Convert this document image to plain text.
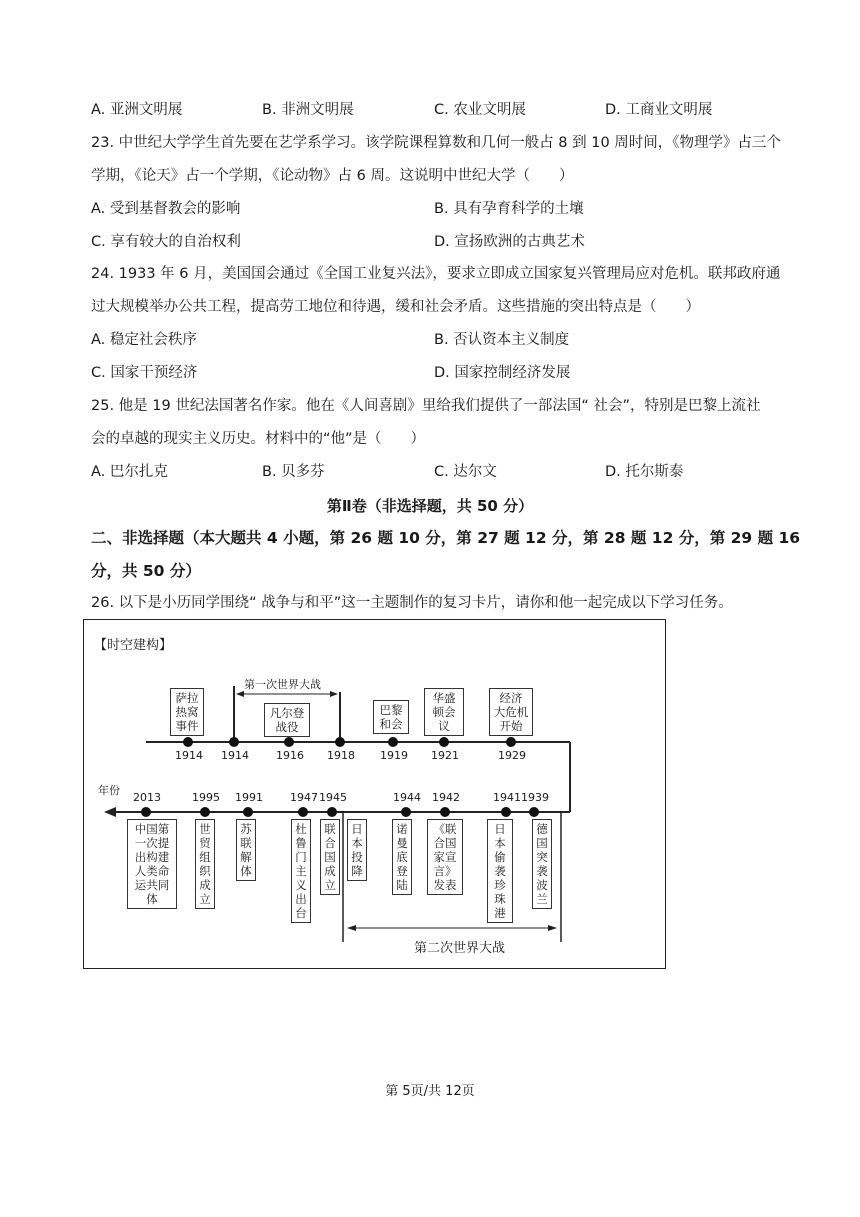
A. 亚洲文明展	B. 非洲文明展	C. 农业文明展	D. 工商业文明展
23. 中世纪大学学生首先要在艺学系学习。该学院课程算数和几何一般占 8 到 10 周时间，《物理学》占三个
学期，《论天》占一个学期，《论动物》占 6 周。这说明中世纪大学（　　）
A. 受到基督教会的影响	B. 具有孕育科学的土壤
C. 享有较大的自治权利	D. 宣扬欧洲的古典艺术
24. 1933 年 6 月，美国国会通过《全国工业复兴法》，要求立即成立国家复兴管理局应对危机。联邦政府通
过大规模举办公共工程，提高劳工地位和待遇，缓和社会矛盾。这些措施的突出特点是（　　）
A. 稳定社会秩序	B. 否认资本主义制度
C. 国家干预经济	D. 国家控制经济发展
25. 他是 19 世纪法国著名作家。他在《人间喜剧》里给我们提供了一部法国“ 社会”，特别是巴黎上流社
会的卓越的现实主义历史。材料中的“他”是（　　）
A. 巴尔扎克	B. 贝多芬	C. 达尔文	D. 托尔斯泰
第Ⅱ卷（非选择题，共 50 分）
二、非选择题（本大题共 4 小题，第 26 题 10 分，第 27 题 12 分，第 28 题 12 分，第 29 题 16
分，共 50 分）
26. 以下是小历同学围绕“ 战争与和平”这一主题制作的复习卡片，请你和他一起完成以下学习任务。
【时空建构】
第一次世界大战
第二次世界大战
年份
1914
萨拉
热窝
事件
1914 1916
凡尔登
战役
1918 1919
巴黎
和会
1921
华盛
顿会
议
1929
经济
大危机
开始
2013
中国第
一次提
出构建
人类命
运共同
体
1995
世
贸
组
织
成
立
1991
苏
联
解
体
1947
杜
鲁
门
主
义
出
台
1945
联
合
国
成
立
日
本
投
降
1944
诺
曼
底
登
陆
1942
《联
合国
家宣
言》
发表
1941
日
本
偷
袭
珍
珠
港
1939
德
国
突
袭
波
兰
第 5页/共 12页
